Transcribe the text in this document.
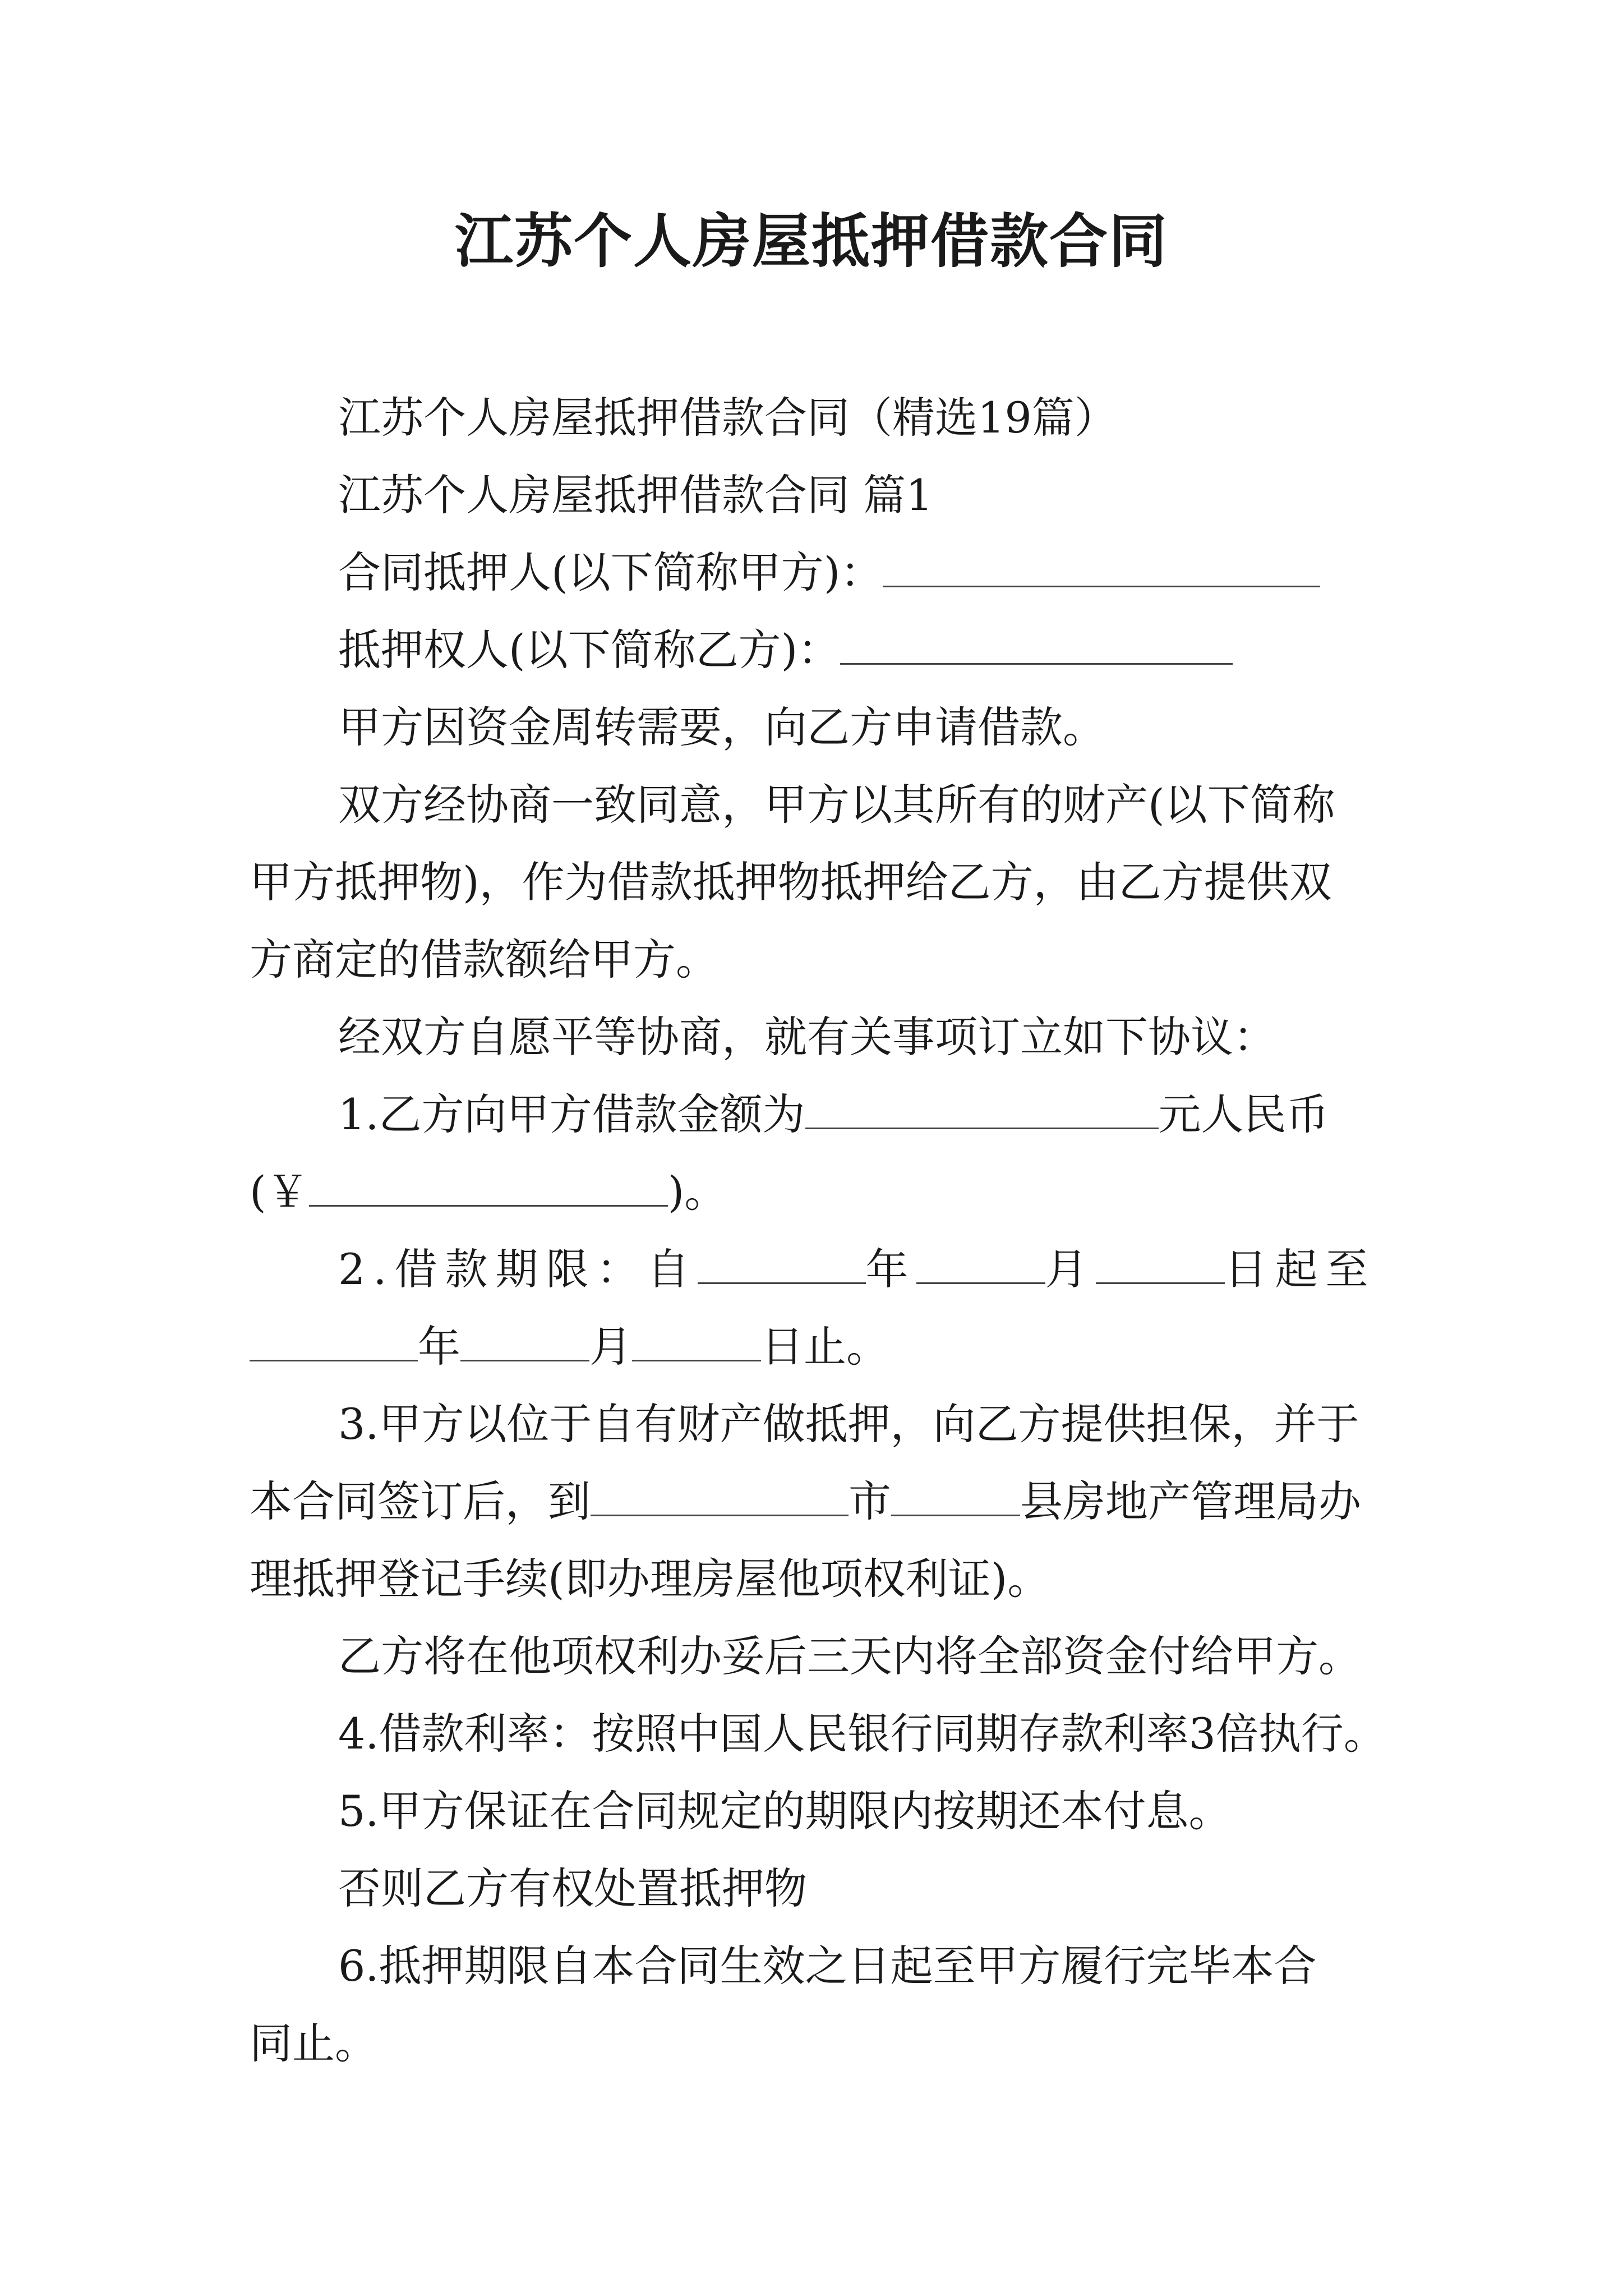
江苏个人房屋抵押借款合同
江苏个人房屋抵押借款合同（精选19篇）
江苏个人房屋抵押借款合同 篇1
合同抵押人(以下简称甲方)：
抵押权人(以下简称乙方)：
甲方因资金周转需要，向乙方申请借款。
双方经协商一致同意，甲方以其所有的财产(以下简称
甲方抵押物)，作为借款抵押物抵押给乙方，由乙方提供双
方商定的借款额给甲方。
经双方自愿平等协商，就有关事项订立如下协议：
1.乙方向甲方借款金额为	元人民币
(￥	)。
2.借款期限：自	年	月	日起至
年	月	日止。
3.甲方以位于自有财产做抵押，向乙方提供担保，并于
本合同签订后，到	市	县房地产管理局办
理抵押登记手续(即办理房屋他项权利证)。
乙方将在他项权利办妥后三天内将全部资金付给甲方。
4.借款利率：按照中国人民银行同期存款利率3倍执行。
5.甲方保证在合同规定的期限内按期还本付息。
否则乙方有权处置抵押物
6.抵押期限自本合同生效之日起至甲方履行完毕本合
同止。
